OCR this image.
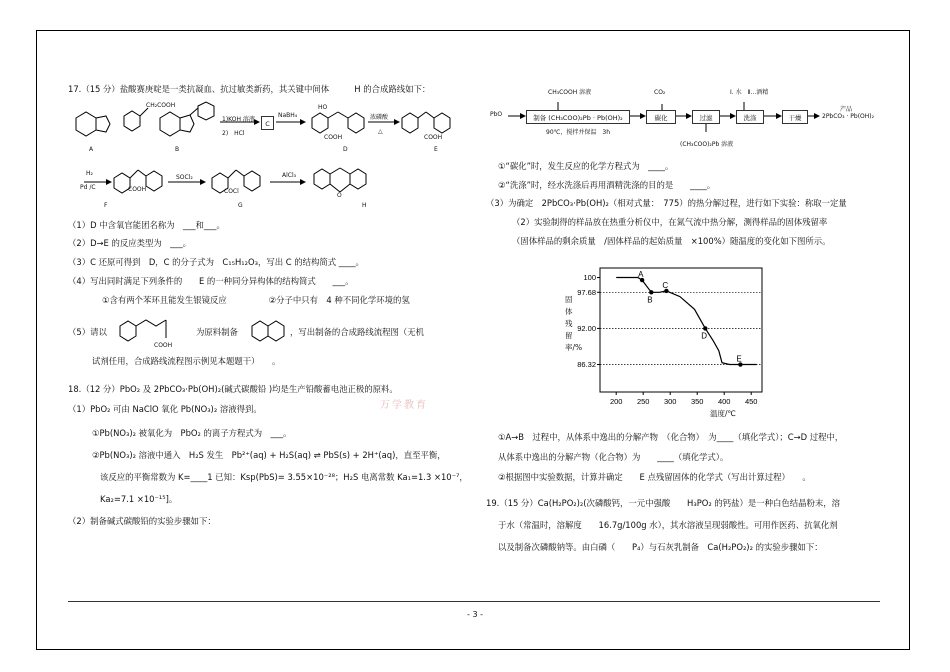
17.（15 分）盐酸赛庚啶是一类抗凝血、抗过敏类新药，其关键中间体　　　H 的合成路线如下：
CH₂COOH
1)KOH 溶液
2)　HCl
C
NaBH₄
HO
COOH
浓磷酸
△
COOH
A	B	D	E
H₂
Pd /C	COOH
SOCl₂
COCl
AlCl₃
O
F	G	H
（1）D 中含氧官能团名称为　___和___。
（2）D→E 的反应类型为　___。
（3）C 还原可得到　D，C 的分子式为　C₁₅H₁₂O₃，写出 C 的结构简式 ____。
（4）写出同时满足下列条件的　　E 的一种同分异构体的结构简式　　___。
①含有两个苯环且能发生银镜反应　　　　　②分子中只有　4 种不同化学环境的氢
（5）请以
COOH
为原料制备	，写出制备的合成路线流程图（无机
试剂任用，合成路线流程图示例见本题题干）　　。
18.（12 分）PbO₂ 及 2PbCO₃·Pb(OH)₂(碱式碳酸铅 )均是生产铅酸蓄电池正极的原料。
（1）PbO₂ 可由 NaClO 氧化 Pb(NO₃)₂ 溶液得到。
①Pb(NO₃)₂ 被氧化为　PbO₂ 的离子方程式为　___。
②Pb(NO₃)₂ 溶液中通入　H₂S 发生　Pb²⁺(aq) + H₂S(aq) ⇌ PbS(s) + 2H⁺(aq)，直至平衡，
该反应的平衡常数为 K=____1 已知：Ksp(PbS)= 3.55×10⁻²⁸；H₂S 电离常数 Ka₁=1.3 ×10⁻⁷，
Ka₂=7.1 ×10⁻¹⁵]。
（2）制备碱式碳酸铅的实验步骤如下：
万学教育
PbO
CH₃COOH 溶液
制备 (CH₃COO)₂Pb · Pb(OH)₂
90℃，搅拌并保温　3h
CO₂
碳化	过滤
(CH₃COO)₂Pb 溶液
Ⅰ. 水　Ⅱ...酒精
洗涤	干燥
产品
2PbCO₃ · Pb(OH)₂
①“碳化”时，发生反应的化学方程式为　____。
②“洗涤”时，经水洗涤后再用酒精洗涤的目的是　　____。
（3）为确定　2PbCO₃·Pb(OH)₂（相对式量：　775）的热分解过程，进行如下实验：称取一定量
（2）实验制得的样品放在热重分析仪中，在氮气流中热分解，测得样品的固体残留率
（固体样品的剩余质量　/固体样品的起始质量　×100%）随温度的变化如下图所示。
A
B
C
D
E
100
97.68
92.00
86.32
200 250 300 350 400 450
固体残留率/%
温度/℃
①A→B　过程中，从体系中逸出的分解产物　（化合物）　为____（填化学式）；C→D 过程中，
从体系中逸出的分解产物（化合物）为　　____（填化学式）。
②根据图中实验数据，计算并确定　　E 点残留固体的化学式（写出计算过程）　　。
19.（15 分）Ca(H₂PO₂)₂(次磷酸钙，一元中强酸　　H₃PO₂ 的钙盐）是一种白色结晶粉末，溶
于水（常温时，溶解度　　16.7g/100g 水），其水溶液呈现弱酸性。可用作医药、抗氧化剂
以及制备次磷酸钠等。由白磷（　　P₄）与石灰乳制备　Ca(H₂PO₂)₂ 的实验步骤如下：
- 3 -
